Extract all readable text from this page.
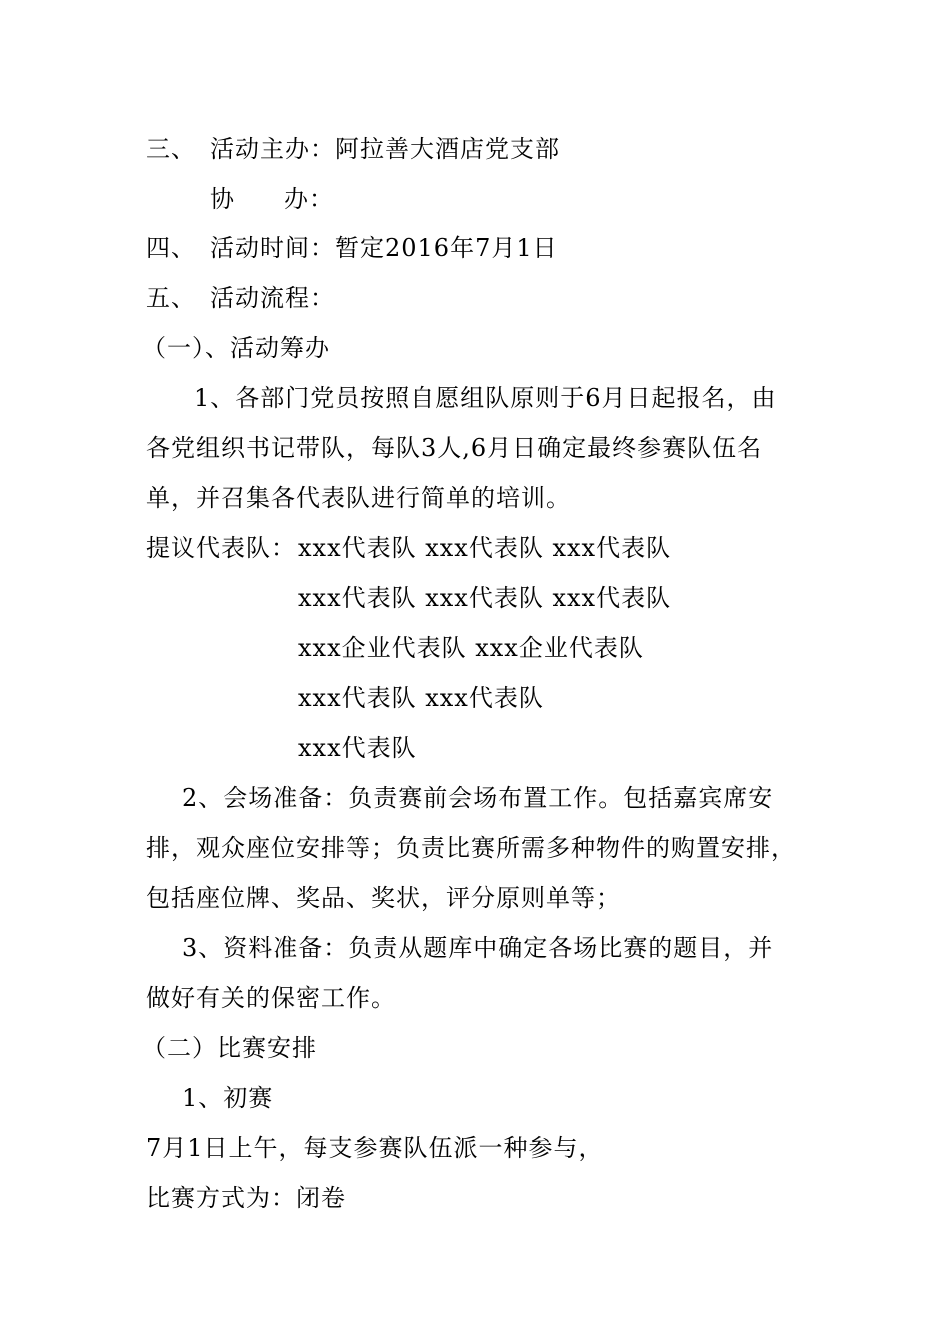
三、 活动主办：阿拉善大酒店党支部
协 办：
四、 活动时间：暂定2016年7月1日
五、 活动流程：
（一）、活动筹办
1、各部门党员按照自愿组队原则于6月日起报名，由
各党组织书记带队，每队3人,6月日确定最终参赛队伍名
单，并召集各代表队进行简单的培训。
提议代表队： xxx代表队 xxx代表队 xxx代表队
xxx代表队 xxx代表队 xxx代表队
xxx企业代表队 xxx企业代表队
xxx代表队 xxx代表队
xxx代表队
2、会场准备：负责赛前会场布置工作。包括嘉宾席安
排，观众座位安排等；负责比赛所需多种物件的购置安排，
包括座位牌、奖品、奖状，评分原则单等；
3、资料准备：负责从题库中确定各场比赛的题目，并
做好有关的保密工作。
（二）比赛安排
1、初赛
7月1日上午，每支参赛队伍派一种参与，
比赛方式为：闭卷
